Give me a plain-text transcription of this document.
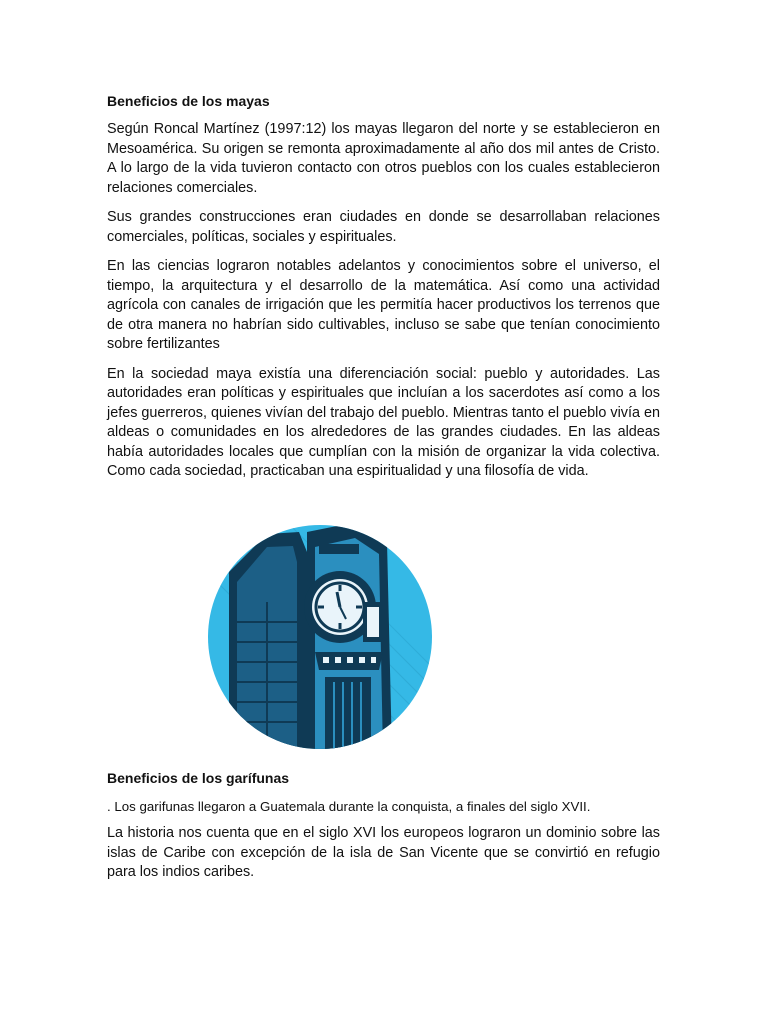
Beneficios de los mayas

Según Roncal Martínez (1997:12) los mayas llegaron del norte y se establecieron en Mesoamérica. Su origen se remonta aproximadamente al año dos mil antes de Cristo. A lo largo de la vida tuvieron contacto con otros pueblos con los cuales establecieron relaciones comerciales.

Sus grandes construcciones eran ciudades en donde se desarrollaban relaciones comerciales, políticas, sociales y espirituales.

En las ciencias lograron notables adelantos y conocimientos sobre el universo, el tiempo, la arquitectura y el desarrollo de la matemática. Así como una actividad agrícola con canales de irrigación que les permitía hacer productivos los terrenos que de otra manera no habrían sido cultivables, incluso se sabe que tenían conocimiento sobre fertilizantes

En la sociedad maya existía una diferenciación social: pueblo y autoridades. Las autoridades eran políticas y espirituales que incluían a los sacerdotes así como a los jefes guerreros, quienes vivían del trabajo del pueblo. Mientras tanto el pueblo vivía en aldeas o comunidades en los alrededores de las grandes ciudades. En las aldeas había autoridades locales que cumplían con la misión de organizar la vida colectiva. Como cada sociedad, practicaban una espiritualidad y una filosofía de vida.

Beneficios de los garífunas

. Los garifunas llegaron a Guatemala durante la conquista, a finales del siglo XVII.

La historia nos cuenta que en el siglo XVI los europeos lograron un dominio sobre las islas de Caribe con excepción de la isla de San Vicente que se convirtió en refugio para los indios caribes.
